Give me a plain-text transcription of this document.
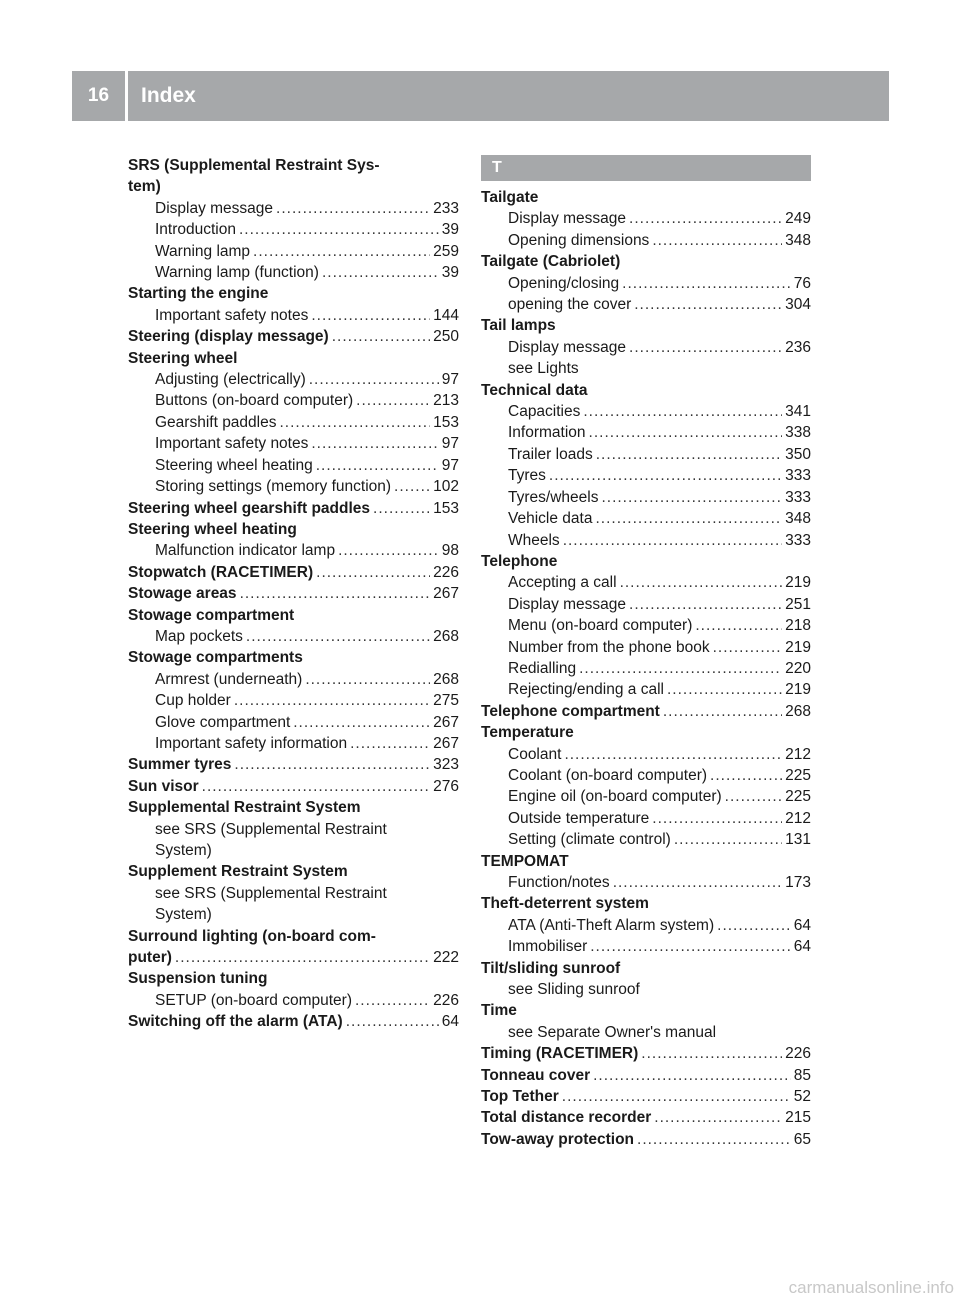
16	Index
SRS (Supplemental Restraint Sys-
tem)
Display message .....	233
Introduction .....	39
Warning lamp .....	259
Warning lamp (function) .....	39
Starting the engine
Important safety notes .....	144
Steering (display message) .....	250
Steering wheel
Adjusting (electrically) .....	97
Buttons (on-board computer) .....	213
Gearshift paddles .....	153
Important safety notes .....	97
Steering wheel heating .....	97
Storing settings (memory function) .....	102
Steering wheel gearshift paddles .....	153
Steering wheel heating
Malfunction indicator lamp .....	98
Stopwatch (RACETIMER) .....	226
Stowage areas .....	267
Stowage compartment
Map pockets .....	268
Stowage compartments
Armrest (underneath) .....	268
Cup holder .....	275
Glove compartment .....	267
Important safety information .....	267
Summer tyres .....	323
Sun visor .....	276
Supplemental Restraint System
see SRS (Supplemental Restraint
System)
Supplement Restraint System
see SRS (Supplemental Restraint
System)
Surround lighting (on-board com-
puter) .....	222
Suspension tuning
SETUP (on-board computer) .....	226
Switching off the alarm (ATA) .....	64
T
Tailgate
Display message .....	249
Opening dimensions .....	348
Tailgate (Cabriolet)
Opening/closing .....	76
opening the cover .....	304
Tail lamps
Display message .....	236
see Lights
Technical data
Capacities .....	341
Information .....	338
Trailer loads .....	350
Tyres .....	333
Tyres/wheels .....	333
Vehicle data .....	348
Wheels .....	333
Telephone
Accepting a call .....	219
Display message .....	251
Menu (on-board computer) .....	218
Number from the phone book .....	219
Redialling .....	220
Rejecting/ending a call .....	219
Telephone compartment .....	268
Temperature
Coolant .....	212
Coolant (on-board computer) .....	225
Engine oil (on-board computer) .....	225
Outside temperature .....	212
Setting (climate control) .....	131
TEMPOMAT
Function/notes .....	173
Theft-deterrent system
ATA (Anti-Theft Alarm system) .....	64
Immobiliser .....	64
Tilt/sliding sunroof
see Sliding sunroof
Time
see Separate Owner's manual
Timing (RACETIMER) .....	226
Tonneau cover .....	85
Top Tether .....	52
Total distance recorder .....	215
Tow-away protection .....	65
carmanualsonline.info
